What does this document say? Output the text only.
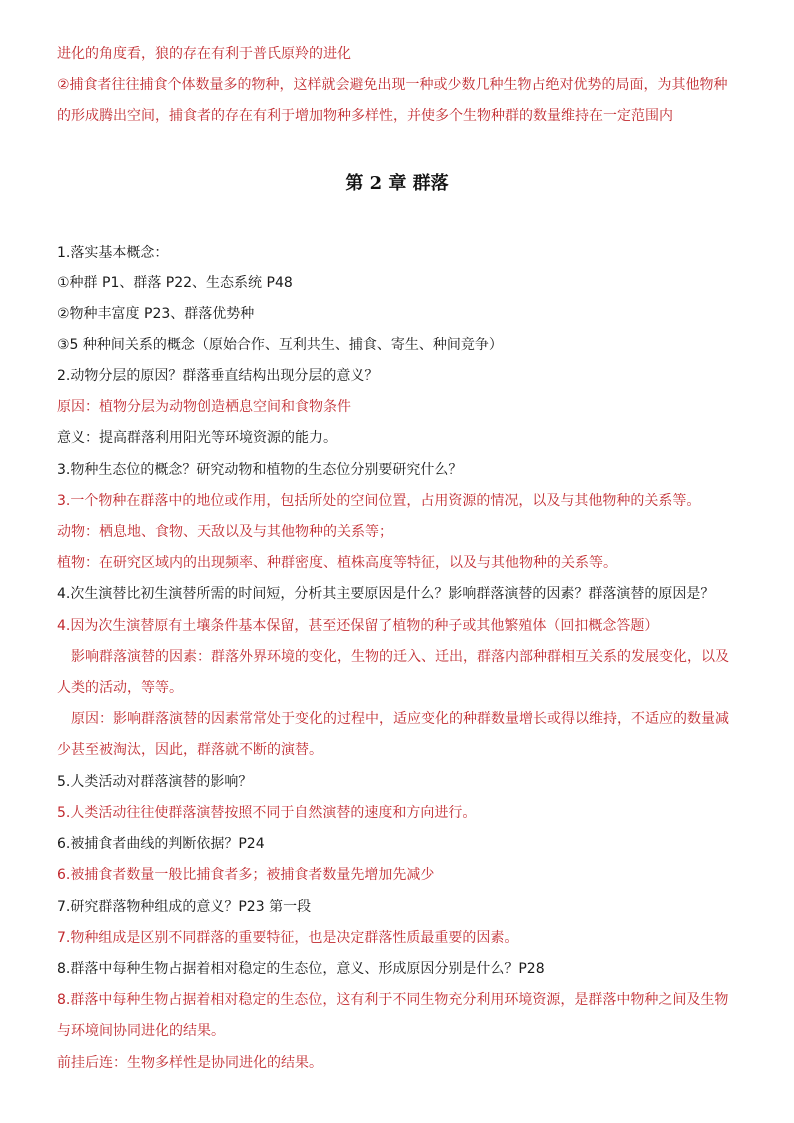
进化的角度看，狼的存在有利于普氏原羚的进化
②捕食者往往捕食个体数量多的物种，这样就会避免出现一种或少数几种生物占绝对优势的局面，为其他物种的形成腾出空间，捕食者的存在有利于增加物种多样性，并使多个生物种群的数量维持在一定范围内
第 2 章 群落
1.落实基本概念：
①种群 P1、群落 P22、生态系统 P48
②物种丰富度 P23、群落优势种
③5 种种间关系的概念（原始合作、互利共生、捕食、寄生、种间竞争）
2.动物分层的原因？群落垂直结构出现分层的意义？
原因：植物分层为动物创造栖息空间和食物条件
意义：提高群落利用阳光等环境资源的能力。
3.物种生态位的概念？研究动物和植物的生态位分别要研究什么？
3.一个物种在群落中的地位或作用，包括所处的空间位置，占用资源的情况，以及与其他物种的关系等。
动物：栖息地、食物、天敌以及与其他物种的关系等；
植物：在研究区域内的出现频率、种群密度、植株高度等特征，以及与其他物种的关系等。
4.次生演替比初生演替所需的时间短，分析其主要原因是什么？影响群落演替的因素？群落演替的原因是？
4.因为次生演替原有土壤条件基本保留，甚至还保留了植物的种子或其他繁殖体（回扣概念答题）
影响群落演替的因素：群落外界环境的变化，生物的迁入、迁出，群落内部种群相互关系的发展变化，以及人类的活动，等等。
原因：影响群落演替的因素常常处于变化的过程中，适应变化的种群数量增长或得以维持，不适应的数量减少甚至被淘汰，因此，群落就不断的演替。
5.人类活动对群落演替的影响？
5.人类活动往往使群落演替按照不同于自然演替的速度和方向进行。
6.被捕食者曲线的判断依据？P24
6.被捕食者数量一般比捕食者多；被捕食者数量先增加先减少
7.研究群落物种组成的意义？P23 第一段
7.物种组成是区别不同群落的重要特征，也是决定群落性质最重要的因素。
8.群落中每种生物占据着相对稳定的生态位，意义、形成原因分别是什么？P28
8.群落中每种生物占据着相对稳定的生态位，这有利于不同生物充分利用环境资源，是群落中物种之间及生物与环境间协同进化的结果。
前挂后连：生物多样性是协同进化的结果。
